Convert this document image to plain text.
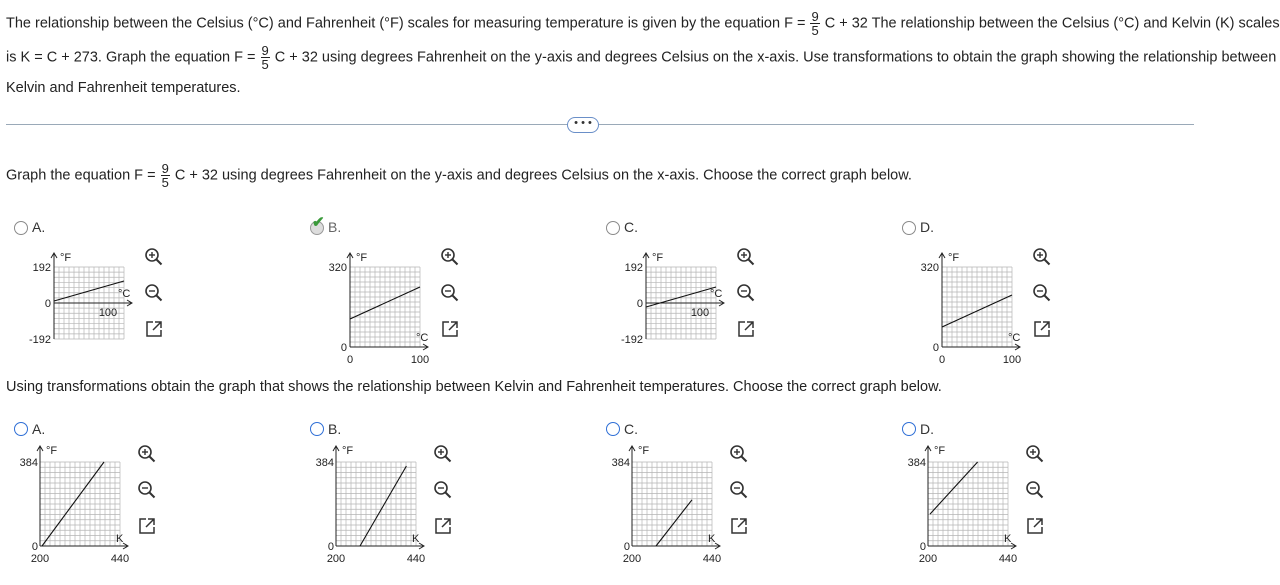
The relationship between the Celsius (°C) and Fahrenheit (°F) scales for measuring temperature is given by the equation $F = \frac{9}{5}$ C + 32 The relationship between the Celsius (°C) and Kelvin (K) scales
is K = C + 273. Graph the equation $F = \frac{9}{5}$ C + 32 using degrees Fahrenheit on the y-axis and degrees Celsius on the x-axis. Use transformations to obtain the graph showing the relationship between
Kelvin and Fahrenheit temperatures.
• • •
Graph the equation $F = \frac{9}{5}$ C + 32 using degrees Fahrenheit on the y-axis and degrees Celsius on the x-axis. Choose the correct graph below.
A.
°F
°C
192
0
-192
100
✔ B.
°F
°C
320
0
0	100
C.
°F
°C
192
0
-192
100
D.
°F
°C
320
0
0	100
Using transformations obtain the graph that shows the relationship between Kelvin and Fahrenheit temperatures. Choose the correct graph below.
A.
°F
K
384
0
200	440
B.
°F
K
384
0
200	440
C.
°F
K
384
0
200	440
D.
°F
K
384
0
200	440
